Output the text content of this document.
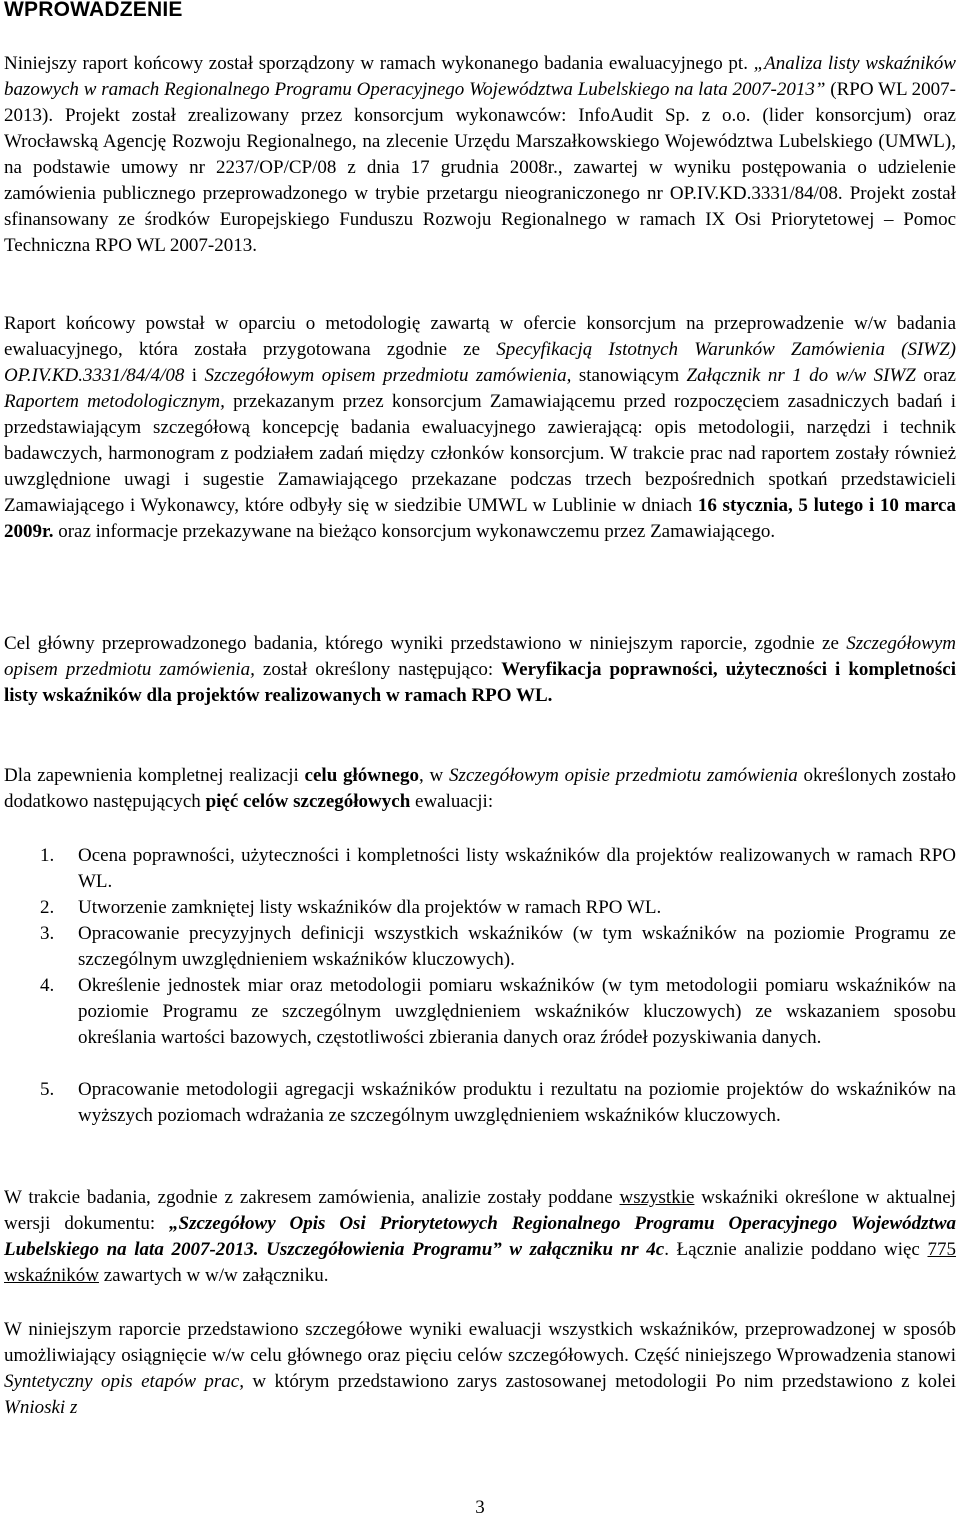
WPROWADZENIE

Niniejszy raport końcowy został sporządzony w ramach wykonanego badania ewaluacyjnego pt. „Analiza listy wskaźników bazowych w ramach Regionalnego Programu Operacyjnego Województwa Lubelskiego na lata 2007-2013” (RPO WL 2007-2013). Projekt został zrealizowany przez konsorcjum wykonawców: InfoAudit Sp. z o.o. (lider konsorcjum) oraz Wrocławską Agencję Rozwoju Regionalnego, na zlecenie Urzędu Marszałkowskiego Województwa Lubelskiego (UMWL), na podstawie umowy nr 2237/OP/CP/08 z dnia 17 grudnia 2008r., zawartej w wyniku postępowania o udzielenie zamówienia publicznego przeprowadzonego w trybie przetargu nieograniczonego nr OP.IV.KD.3331/84/08. Projekt został sfinansowany ze środków Europejskiego Funduszu Rozwoju Regionalnego w ramach IX Osi Priorytetowej – Pomoc Techniczna RPO WL 2007-2013.

Raport końcowy powstał w oparciu o metodologię zawartą w ofercie konsorcjum na przeprowadzenie w/w badania ewaluacyjnego, która została przygotowana zgodnie ze Specyfikacją Istotnych Warunków Zamówienia (SIWZ) OP.IV.KD.3331/84/4/08 i Szczegółowym opisem przedmiotu zamówienia, stanowiącym Załącznik nr 1 do w/w SIWZ oraz Raportem metodologicznym, przekazanym przez konsorcjum Zamawiającemu przed rozpoczęciem zasadniczych badań i przedstawiającym szczegółową koncepcję badania ewaluacyjnego zawierającą: opis metodologii, narzędzi i technik badawczych, harmonogram z podziałem zadań między członków konsorcjum. W trakcie prac nad raportem zostały również uwzględnione uwagi i sugestie Zamawiającego przekazane podczas trzech bezpośrednich spotkań przedstawicieli Zamawiającego i Wykonawcy, które odbyły się w siedzibie UMWL w Lublinie w dniach 16 stycznia, 5 lutego i 10 marca 2009r. oraz informacje przekazywane na bieżąco konsorcjum wykonawczemu przez Zamawiającego.

Cel główny przeprowadzonego badania, którego wyniki przedstawiono w niniejszym raporcie, zgodnie ze Szczegółowym opisem przedmiotu zamówienia, został określony następująco: Weryfikacja poprawności, użyteczności i kompletności listy wskaźników dla projektów realizowanych w ramach RPO WL.

Dla zapewnienia kompletnej realizacji celu głównego, w Szczegółowym opisie przedmiotu zamówienia określonych zostało dodatkowo następujących pięć celów szczegółowych ewaluacji:

1.	Ocena poprawności, użyteczności i kompletności listy wskaźników dla projektów realizowanych w ramach RPO WL.
2.	Utworzenie zamkniętej listy wskaźników dla projektów w ramach RPO WL.
3.	Opracowanie precyzyjnych definicji wszystkich wskaźników (w tym wskaźników na poziomie Programu ze szczególnym uwzględnieniem wskaźników kluczowych).
4.	Określenie jednostek miar oraz metodologii pomiaru wskaźników (w tym metodologii pomiaru wskaźników na poziomie Programu ze szczególnym uwzględnieniem wskaźników kluczowych) ze wskazaniem sposobu określania wartości bazowych, częstotliwości zbierania danych oraz źródeł pozyskiwania danych.
5.	Opracowanie metodologii agregacji wskaźników produktu i rezultatu na poziomie projektów do wskaźników na wyższych poziomach wdrażania ze szczególnym uwzględnieniem wskaźników kluczowych.

W trakcie badania, zgodnie z zakresem zamówienia, analizie zostały poddane wszystkie wskaźniki określone w aktualnej wersji dokumentu: „Szczegółowy Opis Osi Priorytetowych Regionalnego Programu Operacyjnego Województwa Lubelskiego na lata 2007-2013. Uszczegółowienia Programu” w załączniku nr 4c. Łącznie analizie poddano więc 775 wskaźników zawartych w w/w załączniku.

W niniejszym raporcie przedstawiono szczegółowe wyniki ewaluacji wszystkich wskaźników, przeprowadzonej w sposób umożliwiający osiągnięcie w/w celu głównego oraz pięciu celów szczegółowych. Część niniejszego Wprowadzenia stanowi Syntetyczny opis etapów prac, w którym przedstawiono zarys zastosowanej metodologii Po nim przedstawiono z kolei Wnioski z

3
